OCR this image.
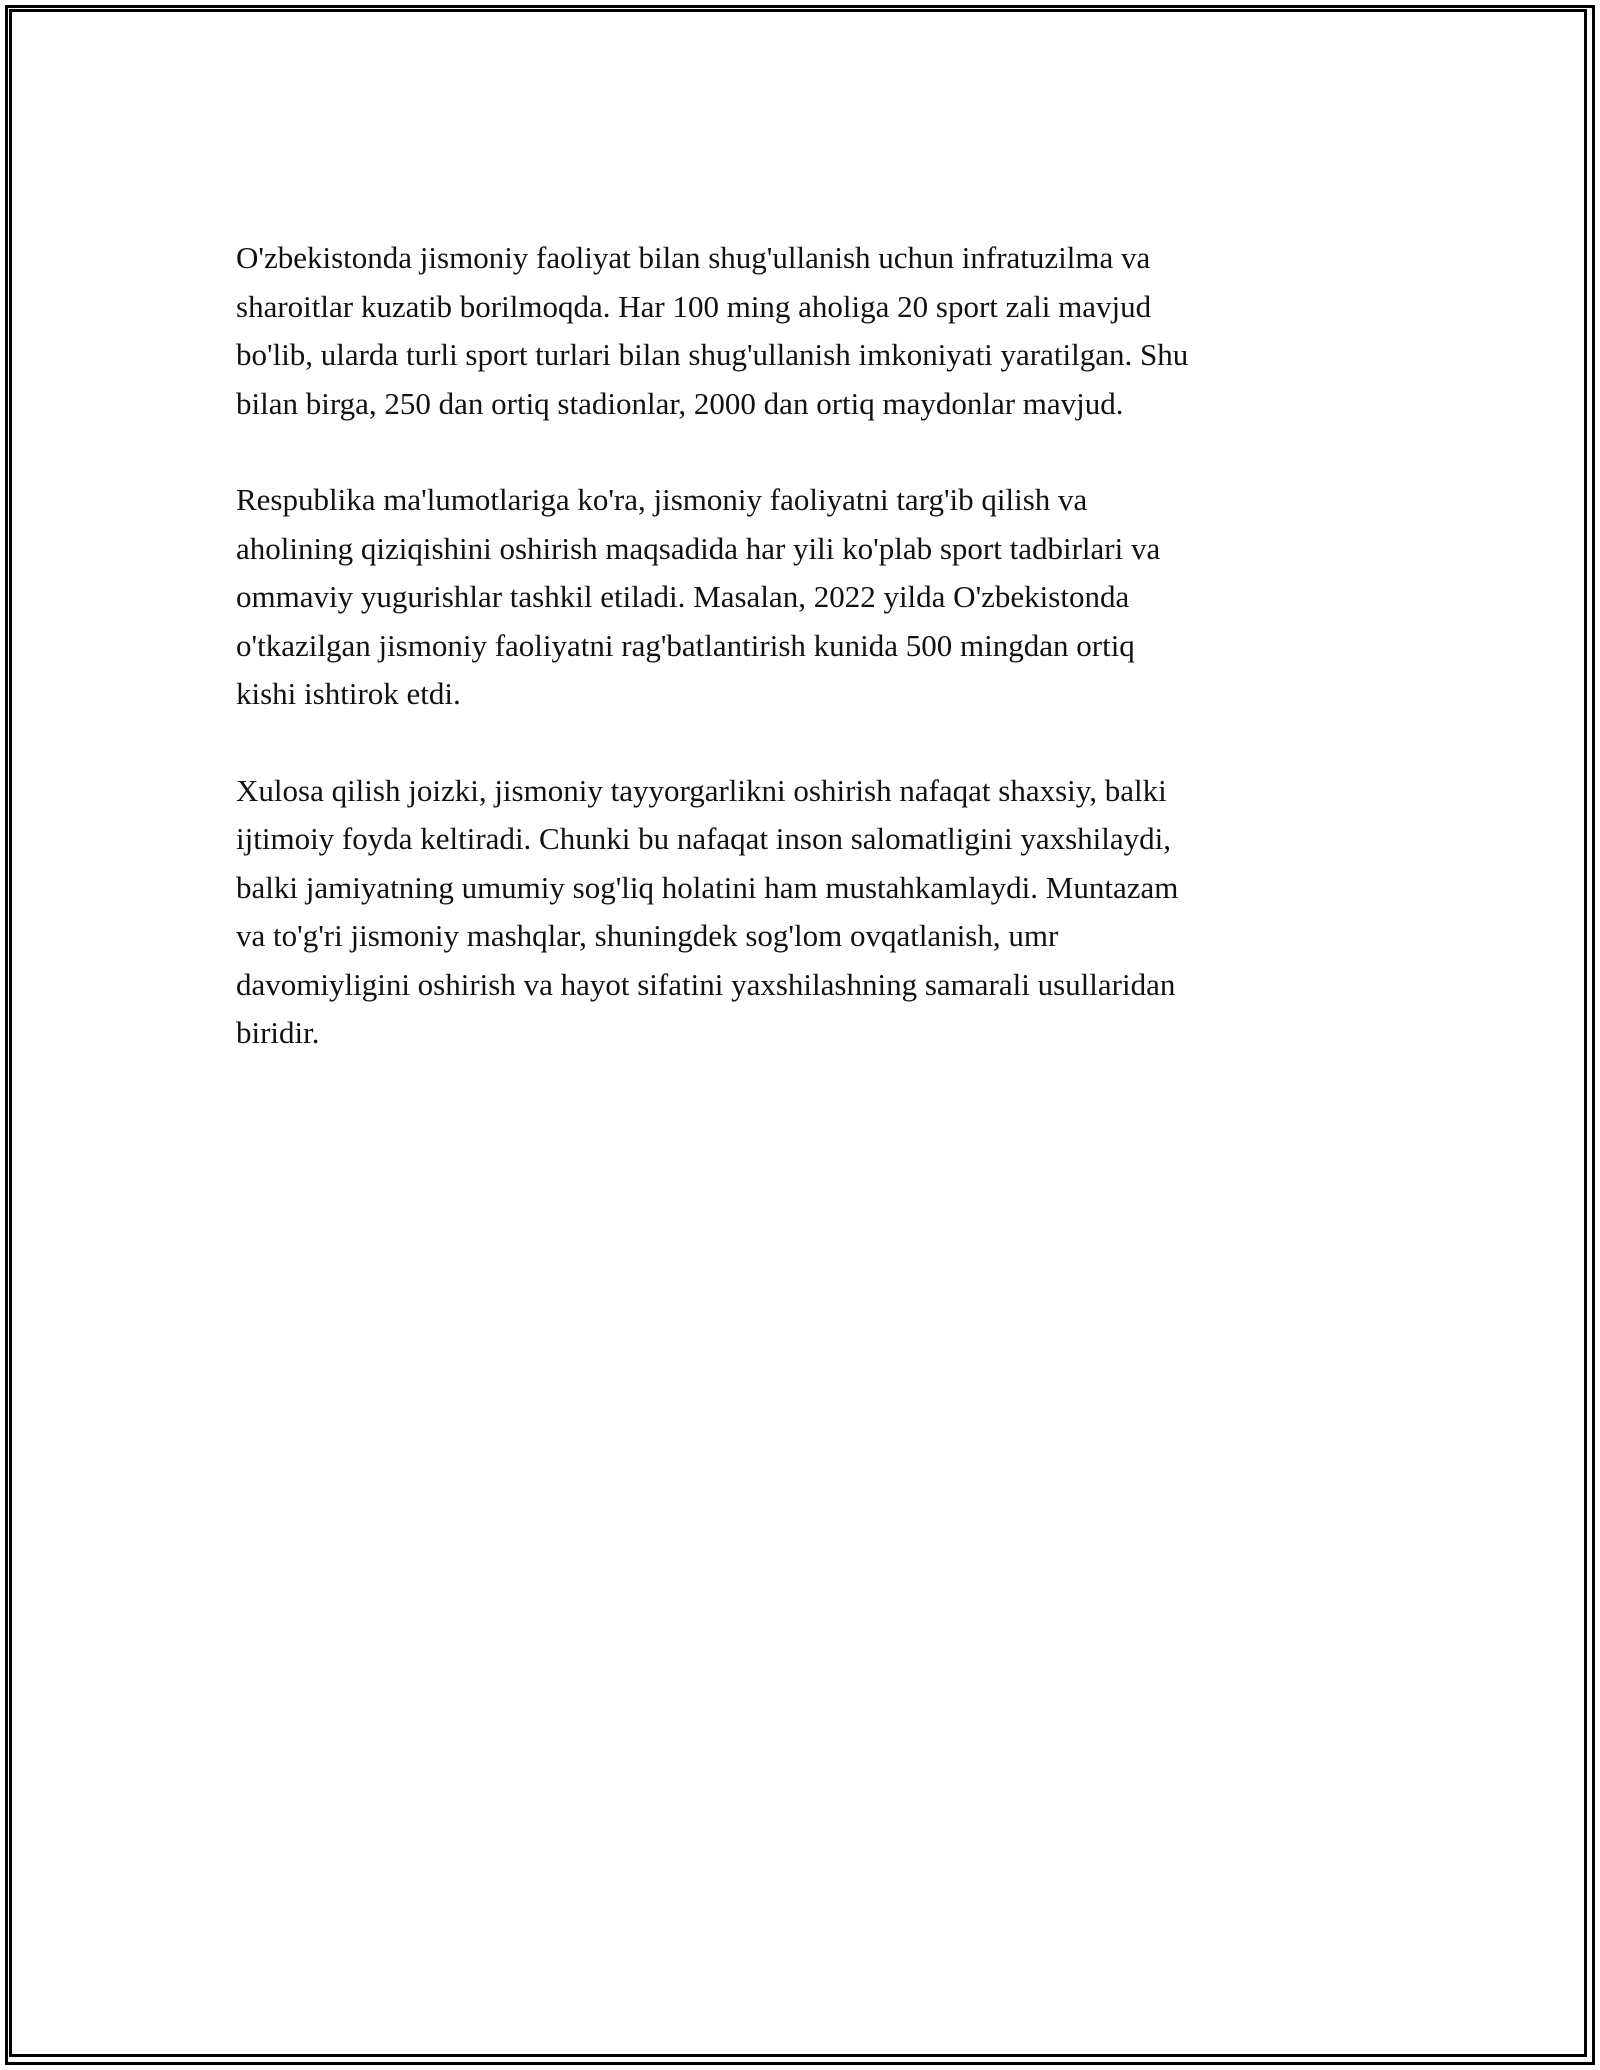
O'zbekistonda jismoniy faoliyat bilan shug'ullanish uchun infratuzilma va
sharoitlar kuzatib borilmoqda. Har 100 ming aholiga 20 sport zali mavjud
bo'lib, ularda turli sport turlari bilan shug'ullanish imkoniyati yaratilgan. Shu
bilan birga, 250 dan ortiq stadionlar, 2000 dan ortiq maydonlar mavjud.

Respublika ma'lumotlariga ko'ra, jismoniy faoliyatni targ'ib qilish va
aholining qiziqishini oshirish maqsadida har yili ko'plab sport tadbirlari va
ommaviy yugurishlar tashkil etiladi. Masalan, 2022 yilda O'zbekistonda
o'tkazilgan jismoniy faoliyatni rag'batlantirish kunida 500 mingdan ortiq
kishi ishtirok etdi.

Xulosa qilish joizki, jismoniy tayyorgarlikni oshirish nafaqat shaxsiy, balki
ijtimoiy foyda keltiradi. Chunki bu nafaqat inson salomatligini yaxshilaydi,
balki jamiyatning umumiy sog'liq holatini ham mustahkamlaydi. Muntazam
va to'g'ri jismoniy mashqlar, shuningdek sog'lom ovqatlanish, umr
davomiyligini oshirish va hayot sifatini yaxshilashning samarali usullaridan
biridir.
